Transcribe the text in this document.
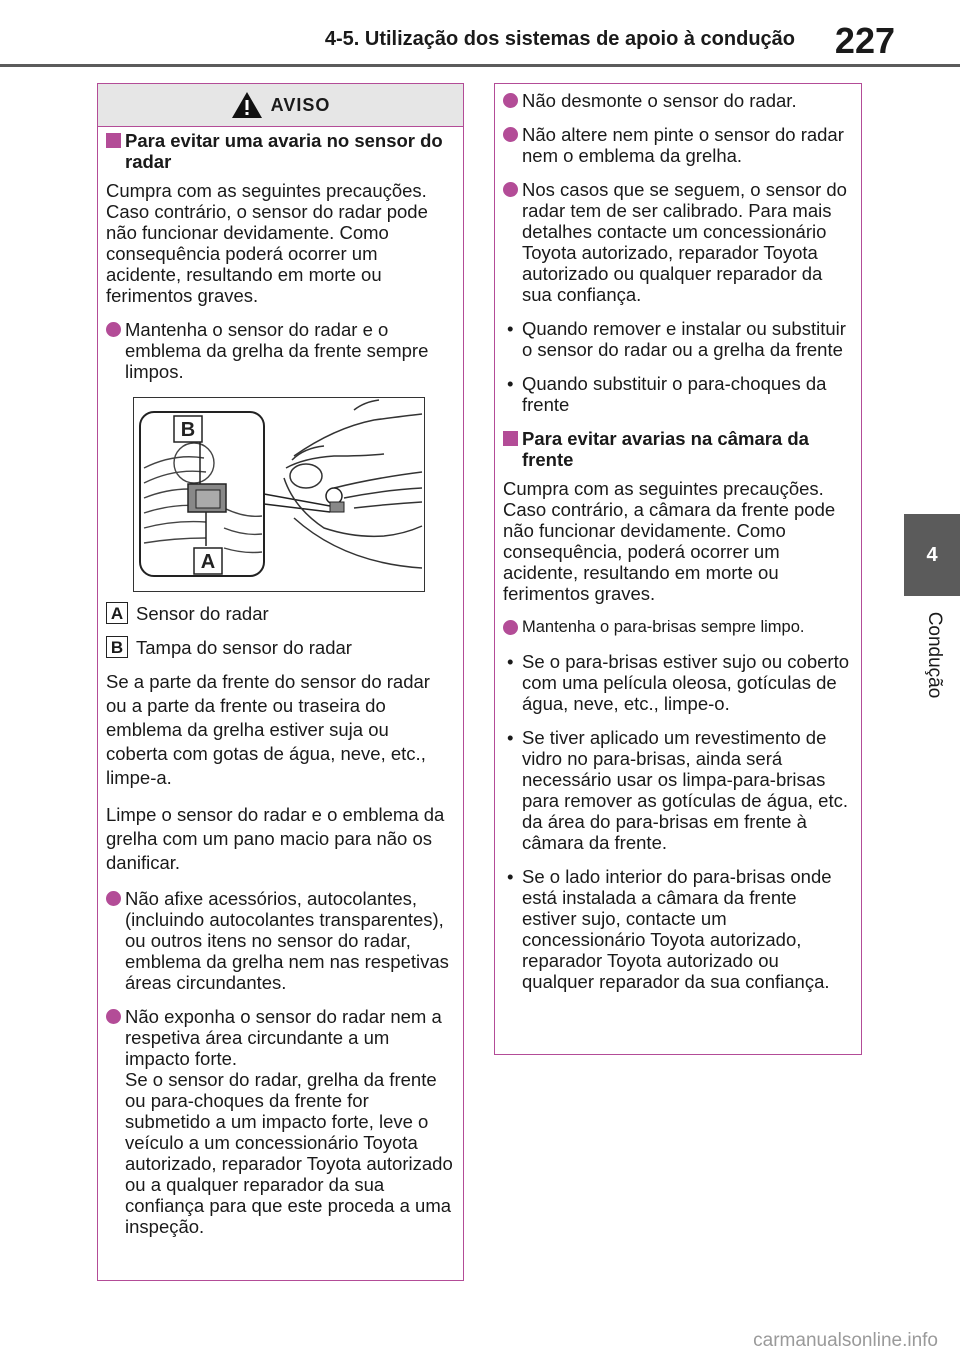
4-5. Utilização dos sistemas de apoio à condução	227
4
Condução
AVISO
Para evitar uma avaria no sensor do radar

Cumpra com as seguintes precauções. Caso contrário, o sensor do radar pode não funcionar devidamente. Como consequência poderá ocorrer um acidente, resultando em morte ou ferimentos graves.

Mantenha o sensor do radar e o emblema da grelha da frente sempre limpos.
B
A
A Sensor do radar
B Tampa do sensor do radar

Se a parte da frente do sensor do radar ou a parte da frente ou traseira do emblema da grelha estiver suja ou coberta com gotas de água, neve, etc., limpe-a.

Limpe o sensor do radar e o emblema da grelha com um pano macio para não os danificar.

Não afixe acessórios, autocolantes, (incluindo autocolantes transparentes), ou outros itens no sensor do radar, emblema da grelha nem nas respetivas áreas circundantes.
Não exponha o sensor do radar nem a respetiva área circundante a um impacto forte.
Se o sensor do radar, grelha da frente ou para-choques da frente for submetido a um impacto forte, leve o veículo a um concessionário Toyota autorizado, reparador Toyota autorizado ou a qualquer reparador da sua confiança para que este proceda a uma inspeção.
Não desmonte o sensor do radar.
Não altere nem pinte o sensor do radar nem o emblema da grelha.
Nos casos que se seguem, o sensor do radar tem de ser calibrado. Para mais detalhes contacte um concessionário Toyota autorizado, reparador Toyota autorizado ou qualquer reparador da sua confiança.
• Quando remover e instalar ou substituir o sensor do radar ou a grelha da frente
• Quando substituir o para-choques da frente
Para evitar avarias na câmara da frente

Cumpra com as seguintes precauções. Caso contrário, a câmara da frente pode não funcionar devidamente. Como consequência, poderá ocorrer um acidente, resultando em morte ou ferimentos graves.

Mantenha o para-brisas sempre limpo.
• Se o para-brisas estiver sujo ou coberto com uma película oleosa, gotículas de água, neve, etc., limpe-o.
• Se tiver aplicado um revestimento de vidro no para-brisas, ainda será necessário usar os limpa-para-brisas para remover as gotículas de água, etc. da área do para-brisas em frente à câmara da frente.
• Se o lado interior do para-brisas onde está instalada a câmara da frente estiver sujo, contacte um concessionário Toyota autorizado, reparador Toyota autorizado ou qualquer reparador da sua confiança.
carmanualsonline.info
